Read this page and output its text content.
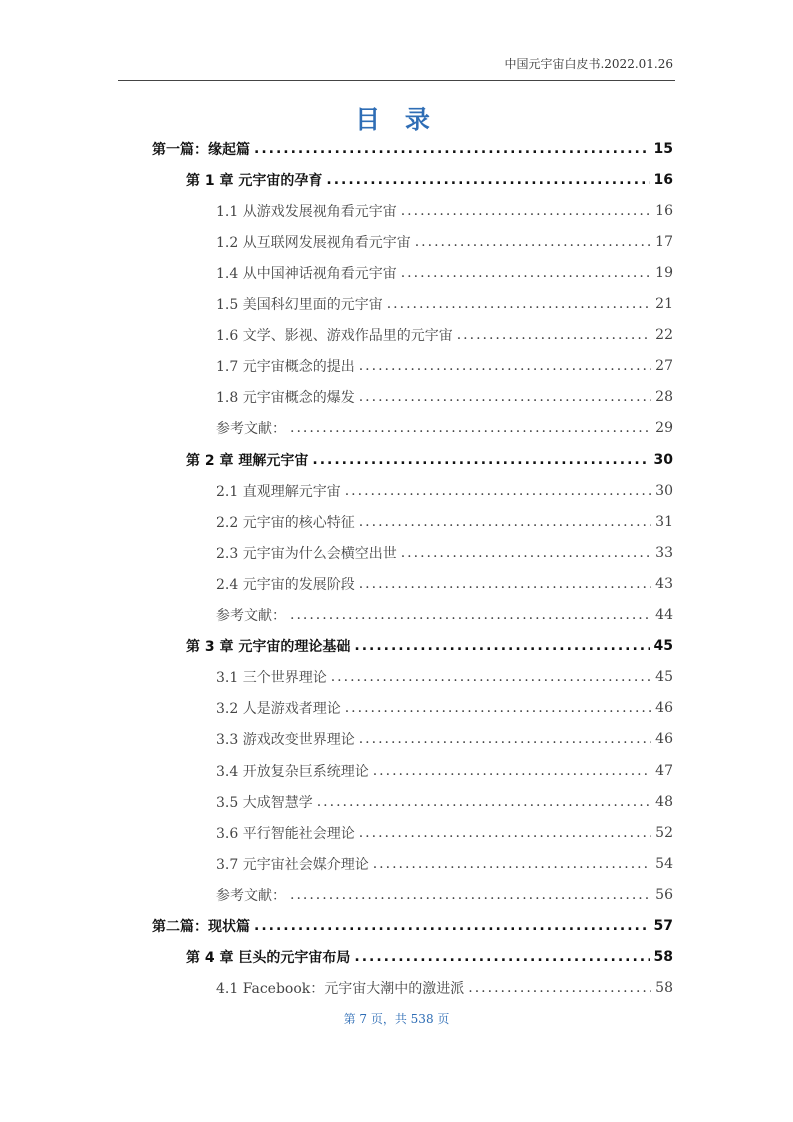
中国元宇宙白皮书.2022.01.26
目 录
第一篇：缘起篇 .....	15
第 1 章 元宇宙的孕育 .....	16
1.1 从游戏发展视角看元宇宙 .....	16
1.2 从互联网发展视角看元宇宙 .....	17
1.4 从中国神话视角看元宇宙 .....	19
1.5 美国科幻里面的元宇宙 .....	21
1.6 文学、影视、游戏作品里的元宇宙 .....	22
1.7 元宇宙概念的提出 .....	27
1.8 元宇宙概念的爆发 .....	28
参考文献： .....	29
第 2 章 理解元宇宙 .....	30
2.1 直观理解元宇宙 .....	30
2.2 元宇宙的核心特征 .....	31
2.3 元宇宙为什么会横空出世 .....	33
2.4 元宇宙的发展阶段 .....	43
参考文献： .....	44
第 3 章 元宇宙的理论基础 .....	45
3.1 三个世界理论 .....	45
3.2 人是游戏者理论 .....	46
3.3 游戏改变世界理论 .....	46
3.4 开放复杂巨系统理论 .....	47
3.5 大成智慧学 .....	48
3.6 平行智能社会理论 .....	52
3.7 元宇宙社会媒介理论 .....	54
参考文献： .....	56
第二篇：现状篇 .....	57
第 4 章 巨头的元宇宙布局 .....	58
4.1 Facebook：元宇宙大潮中的激进派 .....	58
第 7 页，共 538 页
